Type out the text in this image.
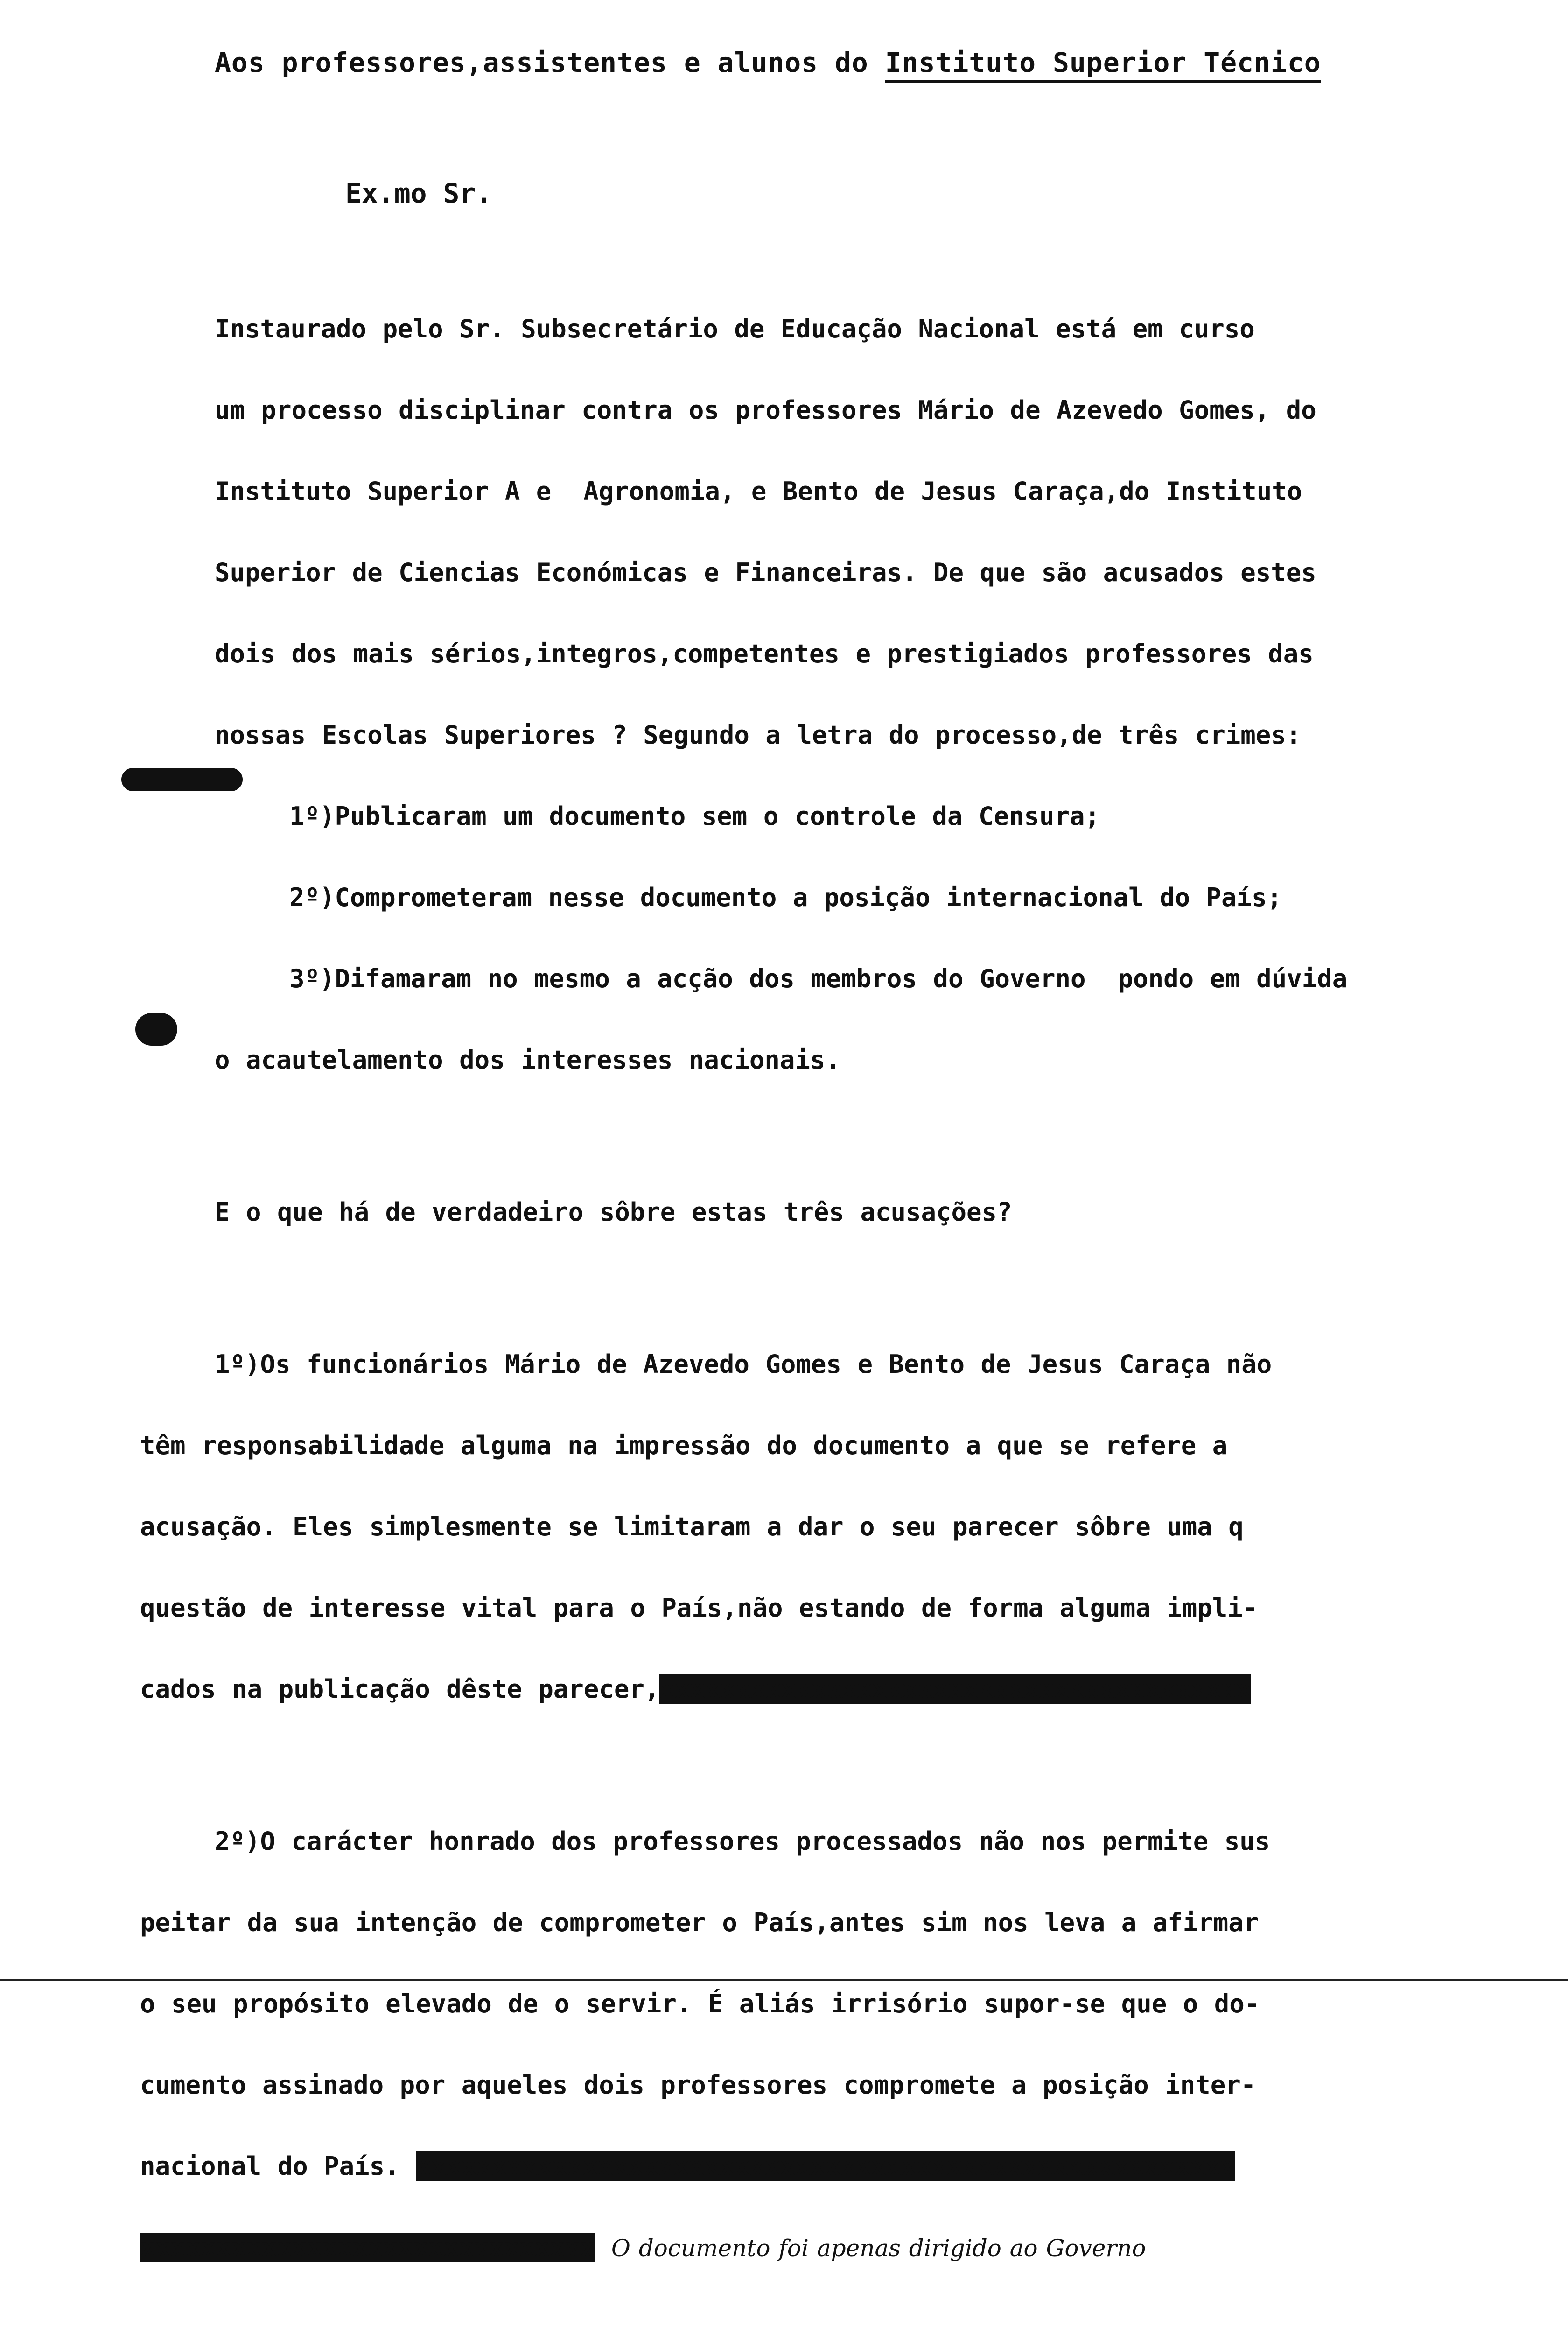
Aos professores,assistentes e alunos do Instituto Superior Técnico
Ex.mo Sr.

Instaurado pelo Sr. Subsecretário de Educação Nacional está em curso

um processo disciplinar contra os professores Mário de Azevedo Gomes, do

Instituto Superior A e  Agronomia, e Bento de Jesus Caraça,do Instituto

Superior de Ciencias Económicas e Financeiras. De que são acusados estes

dois dos mais sérios,integros,competentes e prestigiados professores das

nossas Escolas Superiores ? Segundo a letra do processo,de três crimes:

1º)Publicaram um documento sem o controle da Censura;

2º)Comprometeram nesse documento a posição internacional do País;

3º)Difamaram no mesmo a acção dos membros do Governo  pondo em dúvida

o acautelamento dos interesses nacionais.

E o que há de verdadeiro sôbre estas três acusações?

1º)Os funcionários Mário de Azevedo Gomes e Bento de Jesus Caraça não

têm responsabilidade alguma na impressão do documento a que se refere a

acusação. Eles simplesmente se limitaram a dar o seu parecer sôbre uma q

questão de interesse vital para o País,não estando de forma alguma impli-

cados na publicação dêste parecer,xxxxxxxxxxxxxxxxxxxxxxxxxxxxxxxxxxxxxxx

2º)O carácter honrado dos professores processados não nos permite sus

peitar da sua intenção de comprometer o País,antes sim nos leva a afirmar

o seu propósito elevado de o servir. É aliás irrisório supor-se que o do-

cumento assinado por aqueles dois professores compromete a posição inter-

nacional do País. xxxxxxxxxxxxxxxxxxxxxxxxxxxxxxxxxxxxxxxxxxxxxxxxxxxxxx

xxxxxxxxxxxxxxxxxxxxxxxxxxxxxx O documento foi apenas dirigido ao Governo
